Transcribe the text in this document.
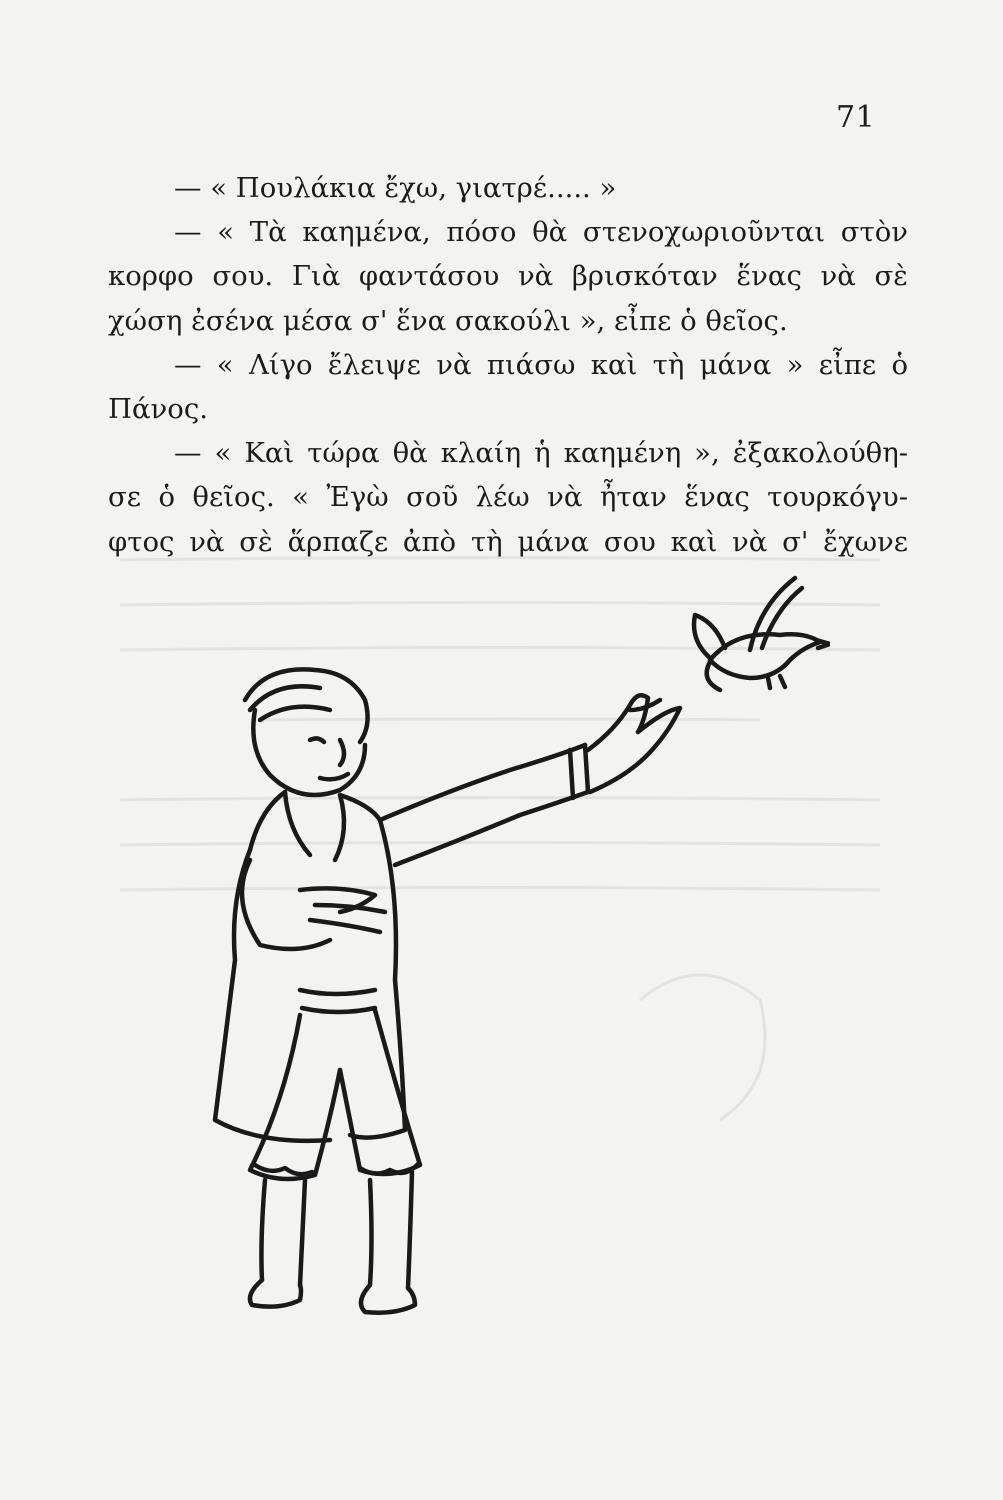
71
— « Πουλάκια ἔχω, γιατρέ..... »
— « Τὰ καημένα, πόσο θὰ στενοχωριοῦνται στὸν
κορφο σου. Γιὰ φαντάσου νὰ βρισκόταν ἕνας νὰ σὲ
χώση ἐσένα μέσα σ' ἕνα σακούλι », εἶπε ὁ θεῖος.
— « Λίγο ἔλειψε νὰ πιάσω καὶ τὴ μάνα » εἶπε ὁ
Πάνος.
— « Καὶ τώρα θὰ κλαίη ἡ καημένη », ἐξακολούθη-
σε ὁ θεῖος. « Ἐγὼ σοῦ λέω νὰ ἦταν ἕνας τουρκόγυ-
φτος νὰ σὲ ἅρπαζε ἀπὸ τὴ μάνα σου καὶ νὰ σ' ἔχωνε
